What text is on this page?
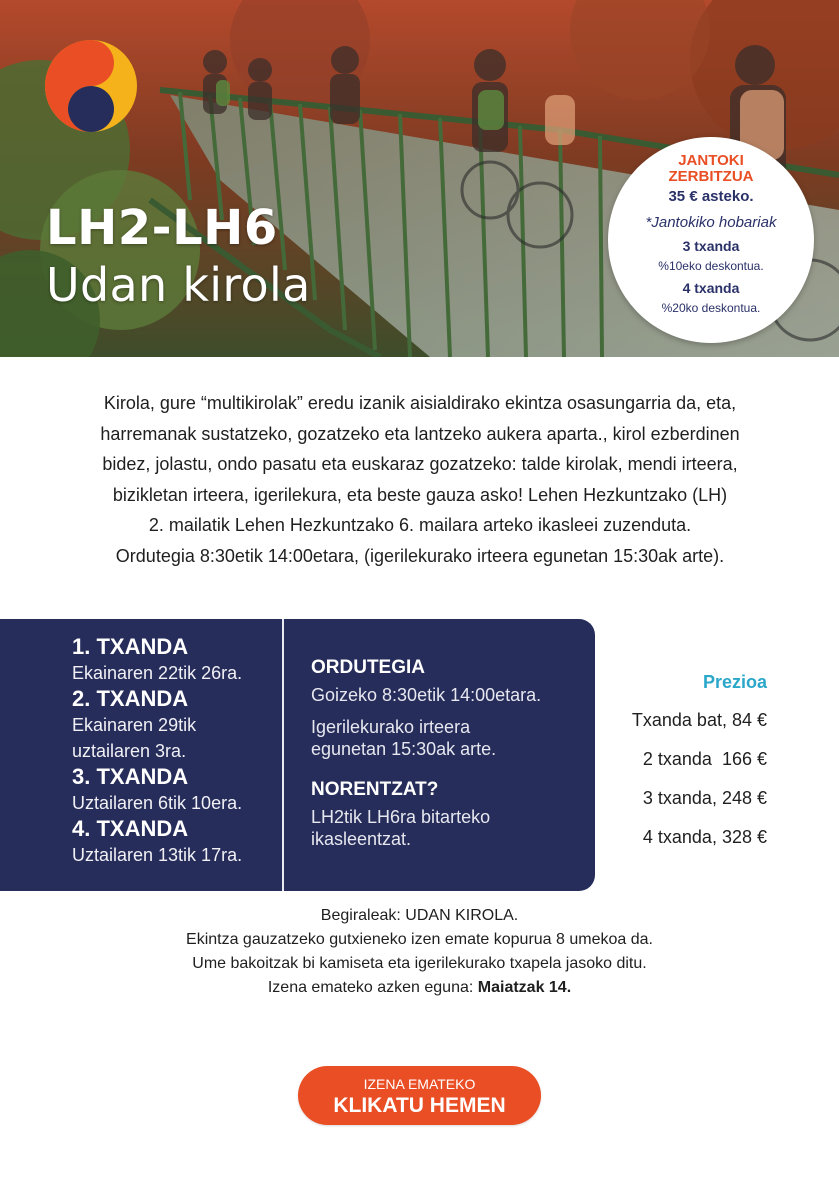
LH2-LH6
Udan kirola
JANTOKI
ZERBITZUA
35 € asteko.
*Jantokiko hobariak
3 txanda
%10eko deskontua.
4 txanda
%20ko deskontua.
Kirola, gure “multikirolak” eredu izanik aisialdirako ekintza osasungarria da, eta,
harremanak sustatzeko, gozatzeko eta lantzeko aukera aparta., kirol ezberdinen
bidez, jolastu, ondo pasatu eta euskaraz gozatzeko: talde kirolak, mendi irteera,
bizikletan irteera, igerilekura, eta beste gauza asko! Lehen Hezkuntzako (LH)
2. mailatik Lehen Hezkuntzako 6. mailara arteko ikasleei zuzenduta.
Ordutegia 8:30etik 14:00etara, (igerilekurako irteera egunetan 15:30ak arte).

1. TXANDA

Ekainaren 22tik 26ra.

2. TXANDA

Ekainaren 29tik

uztailaren 3ra.

3. TXANDA

Uztailaren 6tik 10era.

4. TXANDA

Uztailaren 13tik 17ra.

ORDUTEGIA

Goizeko 8:30etik 14:00etara.

Igerilekurako irteera

egunetan 15:30ak arte.

NORENTZAT?

LH2tik LH6ra bitarteko

ikasleentzat.

Prezioa

Txanda bat, 84 €

2 txanda  166 €

3 txanda, 248 €

4 txanda, 328 €

Begiraleak: UDAN KIROLA.

Ekintza gauzatzeko gutxieneko izen emate kopurua 8 umekoa da.

Ume bakoitzak bi kamiseta eta igerilekurako txapela jasoko ditu.

Izena emateko azken eguna: Maiatzak 14.

IZENA EMATEKO
KLIKATU HEMEN
